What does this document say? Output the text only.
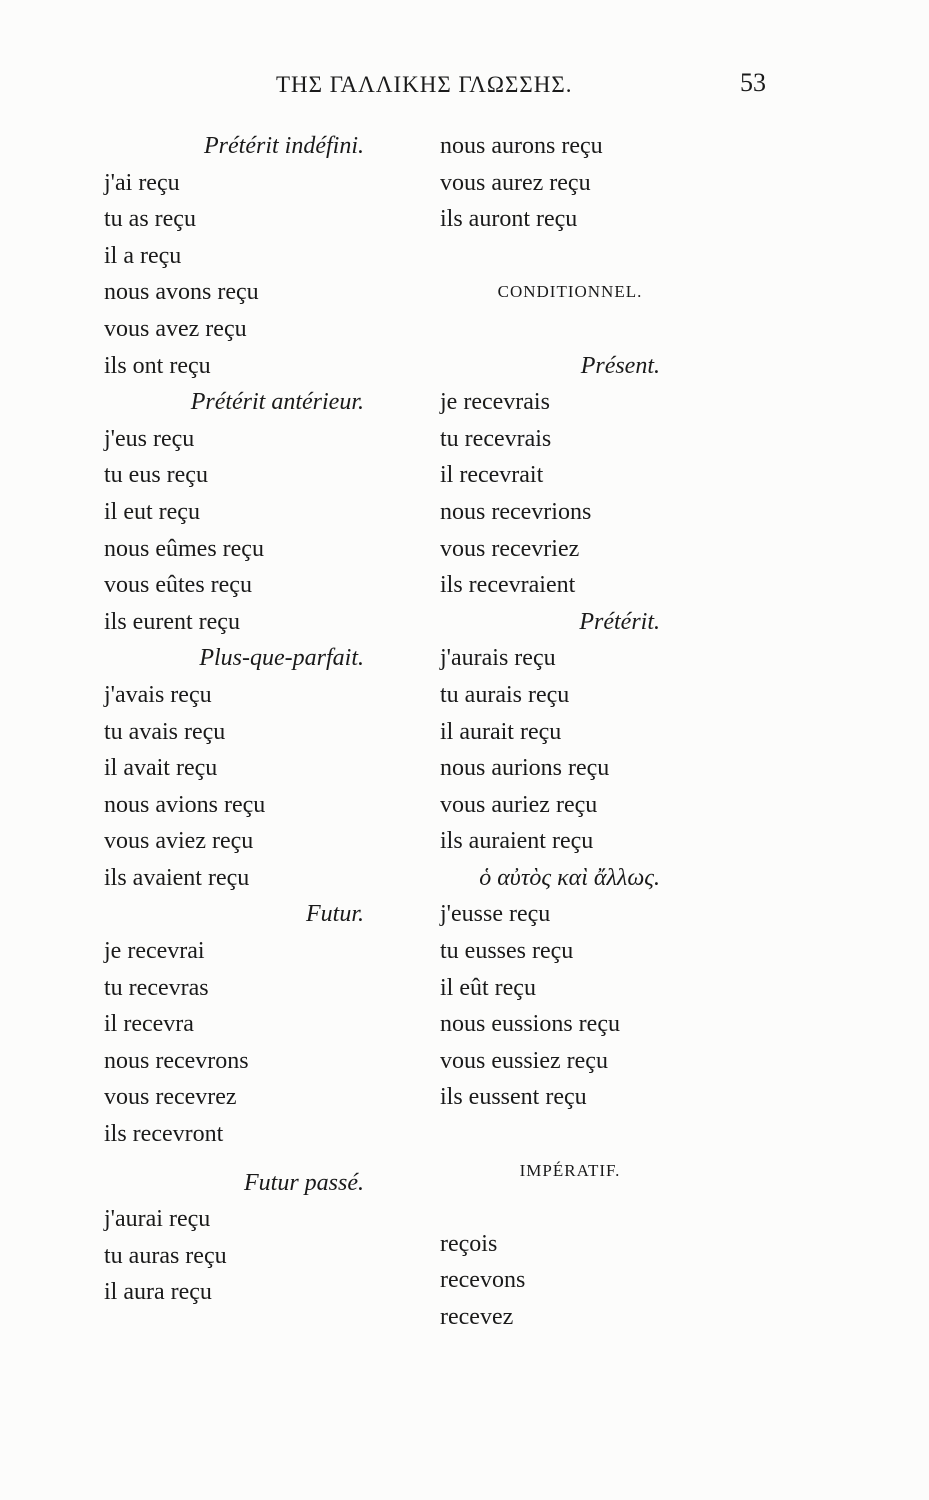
ΤΗΣ ΓΑΛΛΙΚΗΣ ΓΛΩΣΣΗΣ.	53
Prétérit indéfini.
j'ai reçu
tu as reçu
il a reçu
nous avons reçu
vous avez reçu
ils ont reçu
Prétérit antérieur.
j'eus reçu
tu eus reçu
il eut reçu
nous eûmes reçu
vous eûtes reçu
ils eurent reçu
Plus-que-parfait.
j'avais reçu
tu avais reçu
il avait reçu
nous avions reçu
vous aviez reçu
ils avaient reçu
Futur.
je recevrai
tu recevras
il recevra
nous recevrons
vous recevrez
ils recevront
Futur passé.
j'aurai reçu
tu auras reçu
il aura reçu
nous aurons reçu
vous aurez reçu
ils auront reçu
CONDITIONNEL.
Présent.
je recevrais
tu recevrais
il recevrait
nous recevrions
vous recevriez
ils recevraient
Prétérit.
j'aurais reçu
tu aurais reçu
il aurait reçu
nous aurions reçu
vous auriez reçu
ils auraient reçu
ὁ αὐτὸς καὶ ἄλλως.
j'eusse reçu
tu eusses reçu
il eût reçu
nous eussions reçu
vous eussiez reçu
ils eussent reçu
IMPÉRATIF.
reçois
recevons
recevez
